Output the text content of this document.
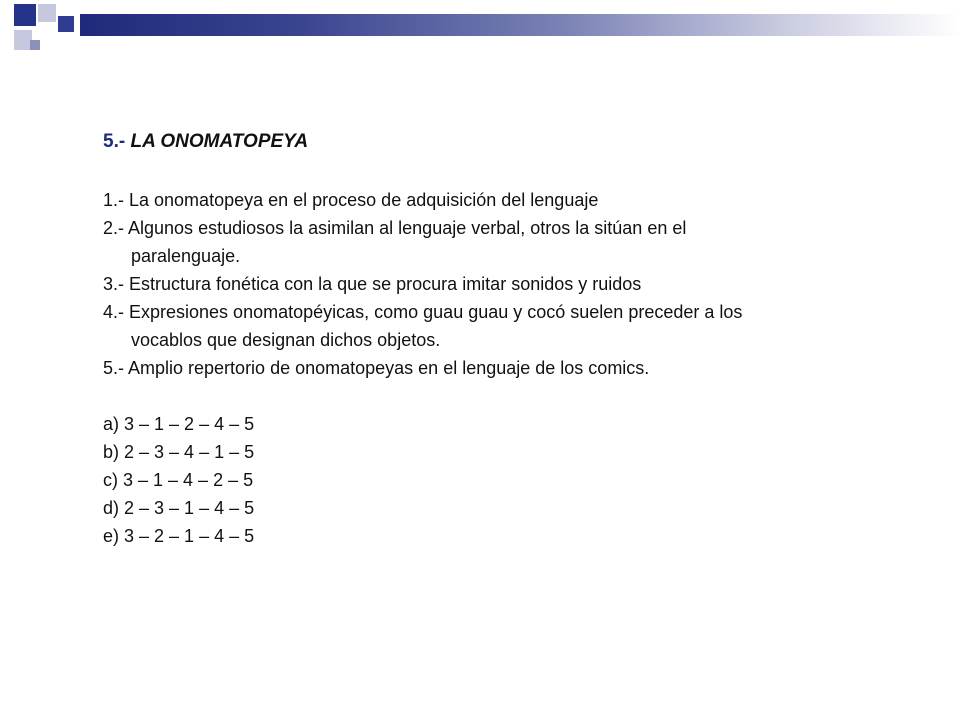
5.- LA ONOMATOPEYA
1.- La onomatopeya en el proceso de adquisición del lenguaje
2.- Algunos estudiosos la asimilan al lenguaje verbal, otros la sitúan en el
paralenguaje.
3.- Estructura fonética con la que se procura imitar sonidos y ruidos
4.- Expresiones onomatopéyicas, como guau guau y cocó suelen preceder a los
vocablos que designan dichos objetos.
5.- Amplio repertorio de onomatopeyas en el lenguaje de los comics.
a) 3 – 1 – 2 – 4 – 5
b) 2 – 3 – 4 – 1 – 5
c) 3 – 1 – 4 – 2 – 5
d) 2 – 3 – 1 – 4 – 5
e) 3 – 2 – 1 – 4 – 5
